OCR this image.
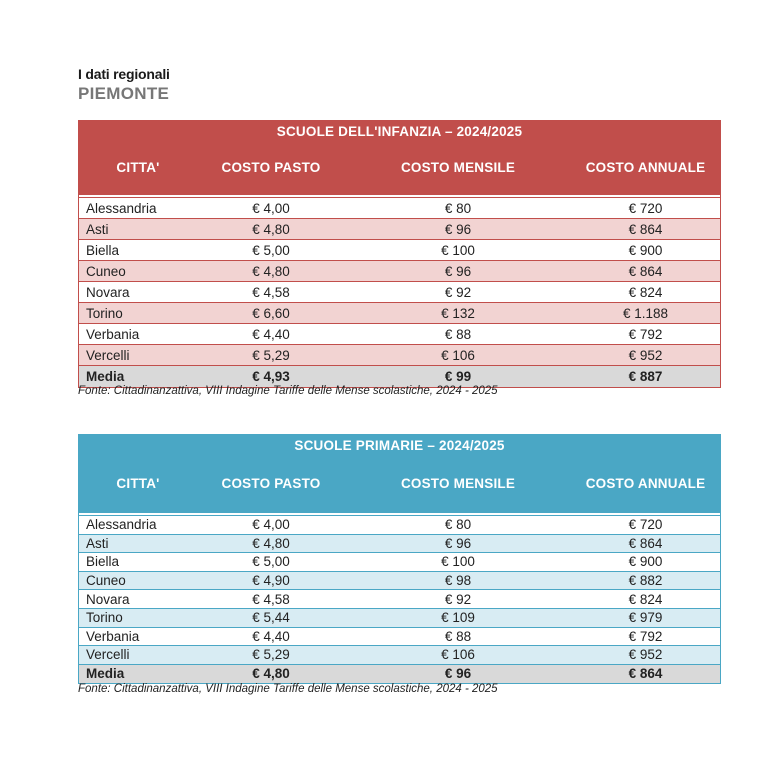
I dati regionali
PIEMONTE
SCUOLE DELL'INFANZIA – 2024/2025
CITTA'	COSTO PASTO	COSTO MENSILE	COSTO ANNUALE
Alessandria	€ 4,00	€ 80	€ 720
Asti	€ 4,80	€ 96	€ 864
Biella	€ 5,00	€ 100	€ 900
Cuneo	€ 4,80	€ 96	€ 864
Novara	€ 4,58	€ 92	€ 824
Torino	€ 6,60	€ 132	€ 1.188
Verbania	€ 4,40	€ 88	€ 792
Vercelli	€ 5,29	€ 106	€ 952
Media	€ 4,93	€ 99	€ 887
Fonte: Cittadinanzattiva, VIII Indagine Tariffe delle Mense scolastiche, 2024 - 2025
SCUOLE PRIMARIE – 2024/2025
CITTA'	COSTO PASTO	COSTO MENSILE	COSTO ANNUALE
Alessandria	€ 4,00	€ 80	€ 720
Asti	€ 4,80	€ 96	€ 864
Biella	€ 5,00	€ 100	€ 900
Cuneo	€ 4,90	€ 98	€ 882
Novara	€ 4,58	€ 92	€ 824
Torino	€ 5,44	€ 109	€ 979
Verbania	€ 4,40	€ 88	€ 792
Vercelli	€ 5,29	€ 106	€ 952
Media	€ 4,80	€ 96	€ 864
Fonte: Cittadinanzattiva, VIII Indagine Tariffe delle Mense scolastiche, 2024 - 2025
